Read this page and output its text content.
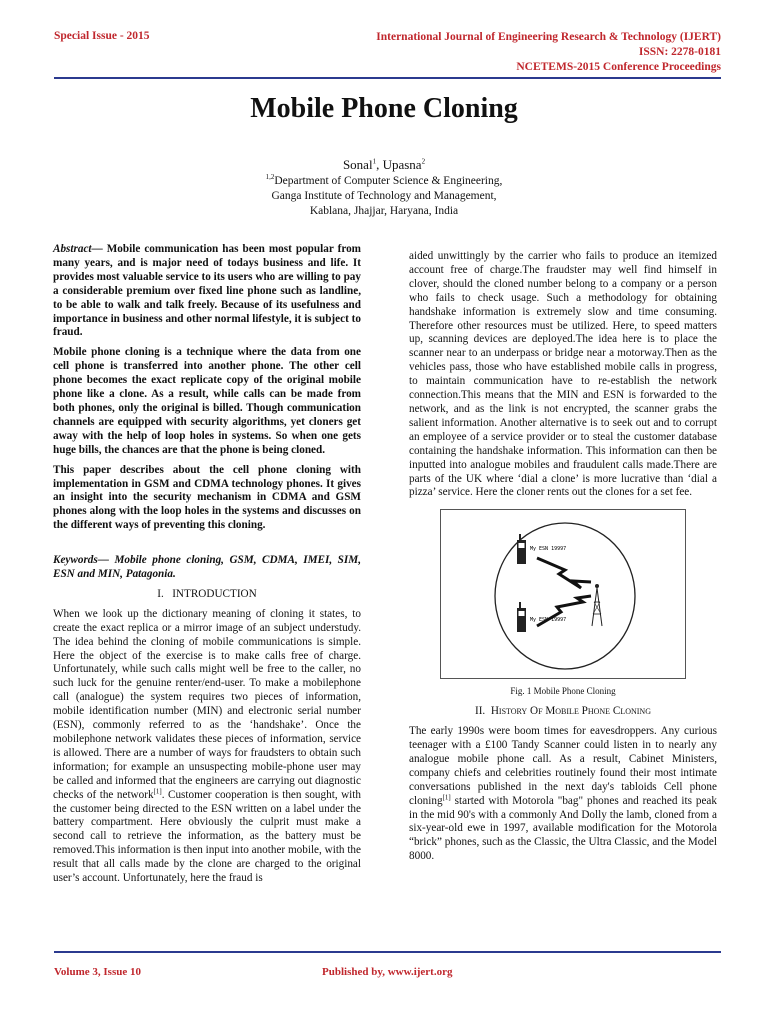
Special Issue - 2015	International Journal of Engineering Research & Technology (IJERT)
ISSN: 2278-0181
NCETEMS-2015 Conference Proceedings
Mobile Phone Cloning
Sonal$^1$, Upasna$^2$
$^{1,2}$Department of Computer Science & Engineering,
Ganga Institute of Technology and Management,
Kablana, Jhajjar, Haryana, India

Abstract— Mobile communication has been most popular from many years, and is major need of todays business and life. It provides most valuable service to its users who are willing to pay a considerable premium over fixed line phone such as landline, to be able to walk and talk freely. Because of its usefulness and importance in business and other normal lifestyle, it is subject to fraud.

Mobile phone cloning is a technique where the data from one cell phone is transferred into another phone. The other cell phone becomes the exact replicate copy of the original mobile phone like a clone. As a result, while calls can be made from both phones, only the original is billed. Though communication channels are equipped with security algorithms, yet cloners get away with the help of loop holes in systems. So when one gets huge bills, the chances are that the phone is being cloned.

This paper describes about the cell phone cloning with implementation in GSM and CDMA technology phones. It gives an insight into the security mechanism in CDMA and GSM phones along with the loop holes in the systems and discusses on the different ways of preventing this cloning.

Keywords— Mobile phone cloning, GSM, CDMA, IMEI, SIM, ESN and MIN, Patagonia.

I. INTRODUCTION

When we look up the dictionary meaning of cloning it states, to create the exact replica or a mirror image of an subject understudy. The idea behind the cloning of mobile communications is simple. Here the object of the exercise is to make calls free of charge. Unfortunately, while such calls might well be free to the caller, no such luck for the genuine renter/end-user. To make a mobilephone call (analogue) the system requires two pieces of information, mobile identification number (MIN) and electronic serial number (ESN), commonly referred to as the ‘handshake’. Once the mobilephone network validates these pieces of information, service is allowed. There are a number of ways for fraudsters to obtain such information; for example an unsuspecting mobile-phone user may be called and informed that the engineers are carrying out diagnostic checks of the network[1]. Customer cooperation is then sought, with the customer being directed to the ESN written on a label under the battery compartment. Here obviously the culprit must make a second call to retrieve the information, as the battery must be removed.This information is then input into another mobile, with the result that all calls made by the clone are charged to the original user’s account. Unfortunately, here the fraud is

aided unwittingly by the carrier who fails to produce an itemized account free of charge.The fraudster may well find himself in clover, should the cloned number belong to a company or a person who fails to check usage. Such a methodology for obtaining handshake information is extremely slow and time consuming. Therefore other resources must be utilized. Here, to speed matters up, scanning devices are deployed.The idea here is to place the scanner near to an underpass or bridge near a motorway.Then as the vehicles pass, those who have established mobile calls in progress, to maintain communication have to re-establish the network connection.This means that the MIN and ESN is forwarded to the network, and as the link is not encrypted, the scanner grabs the salient information. Another alternative is to seek out and to corrupt an employee of a service provider or to steal the customer database containing the handshake information. This information can then be inputted into analogue mobiles and fraudulent calls made.There are parts of the UK where ‘dial a clone’ is more lucrative than ‘dial a pizza’ service. Here the cloner rents out the clones for a set fee.

My ESN 19997
My ESN 19997

Fig. 1 Mobile Phone Cloning

II. History Of Mobile Phone Cloning

The early 1990s were boom times for eavesdroppers. Any curious teenager with a £100 Tandy Scanner could listen in to nearly any analogue mobile phone call. As a result, Cabinet Ministers, company chiefs and celebrities routinely found their most intimate conversations published in the next day's tabloids Cell phone cloning[1] started with Motorola "bag" phones and reached its peak in the mid 90's with a commonly And Dolly the lamb, cloned from a six-year-old ewe in 1997, available modification for the Motorola “brick” phones, such as the Classic, the Ultra Classic, and the Model 8000.

Volume 3, Issue 10	Published by, www.ijert.org
